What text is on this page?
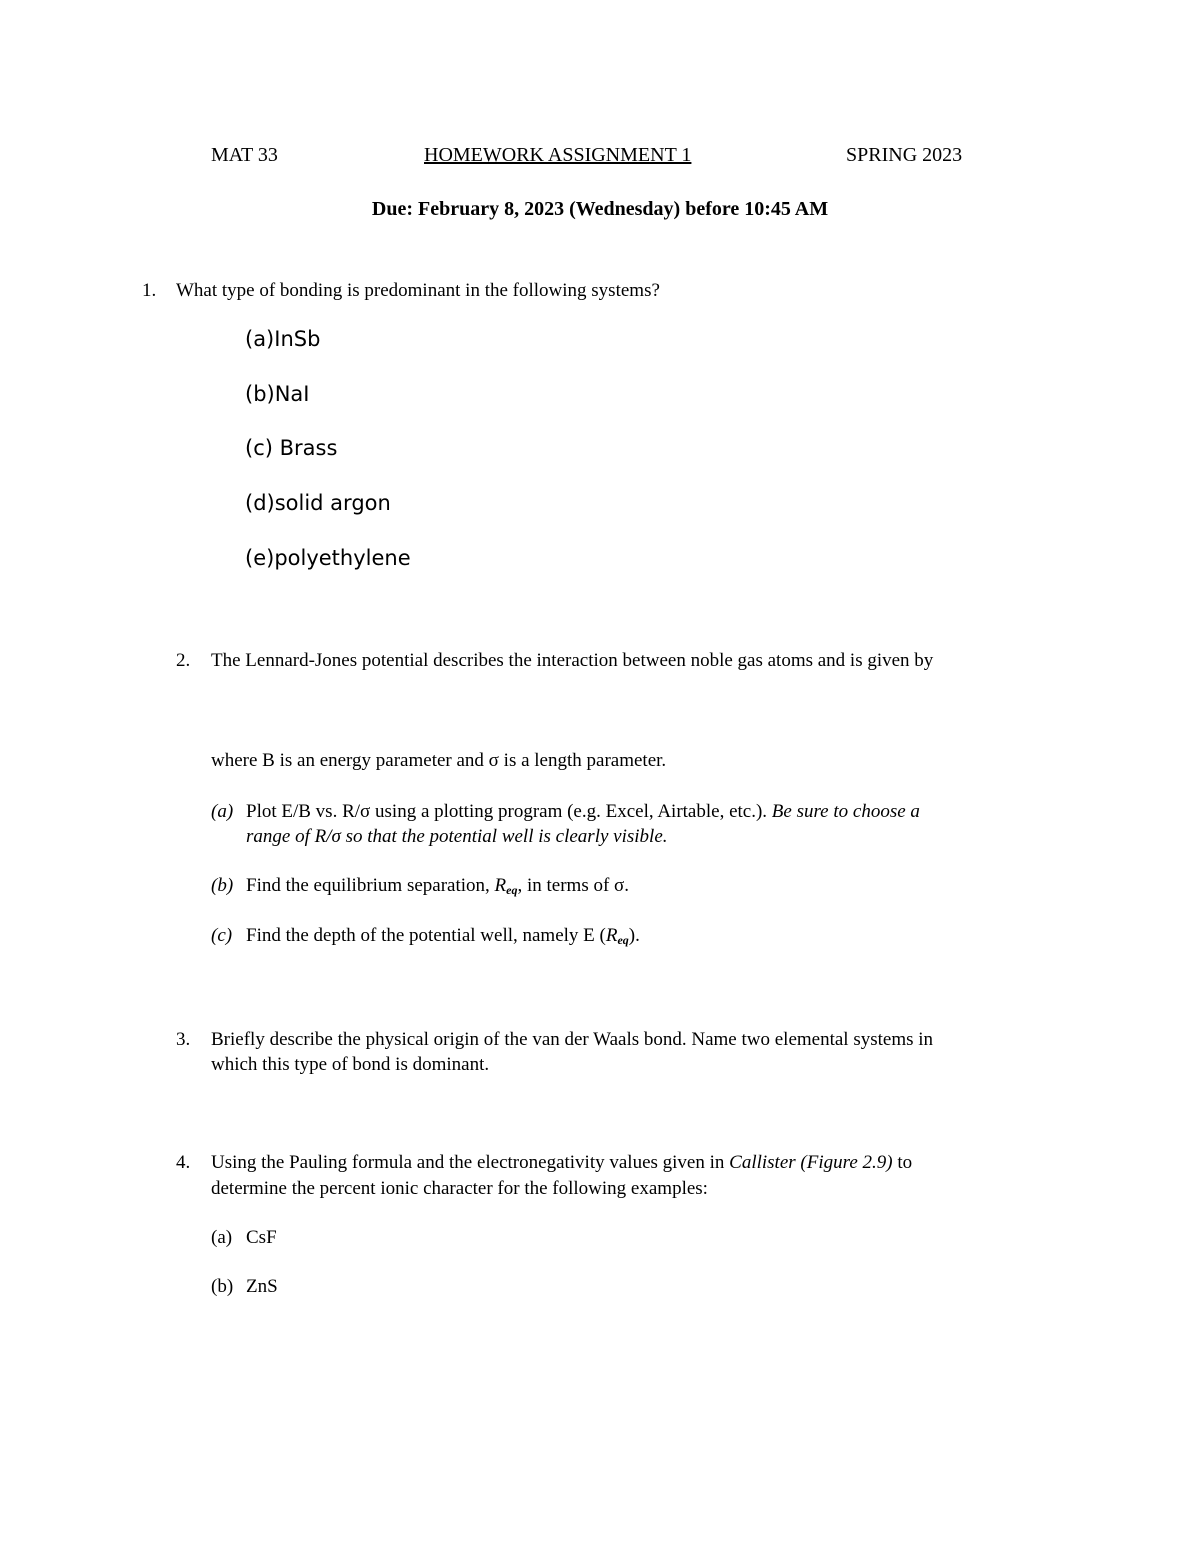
MAT 33	HOMEWORK ASSIGNMENT 1	SPRING 2023
Due: February 8, 2023 (Wednesday) before 10:45 AM
1. What type of bonding is predominant in the following systems?
(a)InSb
(b)NaI
(c) Brass
(d)solid argon
(e)polyethylene
2. The Lennard-Jones potential describes the interaction between noble gas atoms and is given by
where B is an energy parameter and σ is a length parameter.
(a) Plot E/B vs. R/σ using a plotting program (e.g. Excel, Airtable, etc.). Be sure to choose a
range of R/σ so that the potential well is clearly visible.
(b) Find the equilibrium separation, $R_{eq}$, in terms of σ.
(c) Find the depth of the potential well, namely E $(R_{eq})$.
3. Briefly describe the physical origin of the van der Waals bond. Name two elemental systems in
which this type of bond is dominant.
4. Using the Pauling formula and the electronegativity values given in Callister (Figure 2.9) to
determine the percent ionic character for the following examples:
(a) CsF
(b) ZnS
